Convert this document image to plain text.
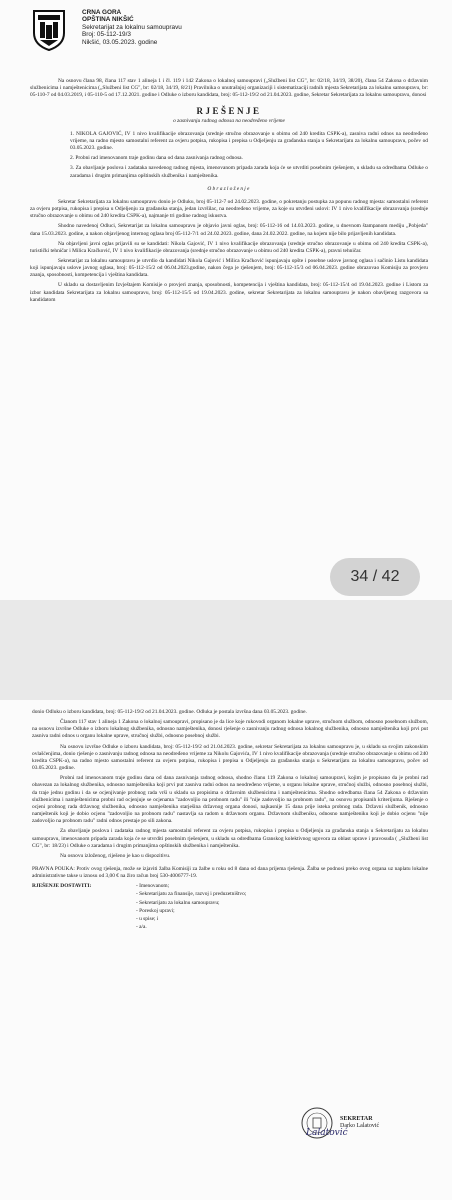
CRNA GORA
OPŠTINA NIKŠIĆ
Sekretarijat za lokalnu samoupravu
Broj: 05-112-19/3
Nikšić, 03.05.2023. godine

Na osnovu člana 98, člana 117 stav 1 alineja 1 i čl. 119 i 142 Zakona o lokalnoj samoupravi („Službeni list CG", br: 02/18, 34/19, 38/20), člana 54 Zakona o državnim službenicima i namještenicima („Službeni list CG", br: 02/18, 34/19, 8/21) Pravilnika o unutrašnjoj organizaciji i sistematizaciji radnih mjesta Sekretarijata za lokalnu samoupravu, br: 05-110-7 od 04.03.2019, i 05-110-5 od 17.12.2021. godine i Odluke o izboru kandidata, broj: 05-112-19/2 od 21.04.2023. godine, Sekretar Sekretarijata za lokalnu samoupravu, donosi

RJEŠENJE
o zasnivanju radnog odnosa na neodređeno vrijeme

1. NIKOLA GAJOVIĆ, IV 1 nivo kvalifikacije obrazovanja (srednje stručno obrazovanje u obimu od 240 kredita CSPK-a), zasniva radni odnos na neodređeno vrijeme, na radno mjesto samostalni referent za ovjeru potpisa, rukopisa i prepisa u Odjeljenju za građanska stanja u Sekretarijatu za lokalnu samoupravu, počev od 03.05.2023. godine.

2. Probni rad imenovanom traje godinu dana od dana zasnivanja radnog odnosa.

3. Za obavljanje poslova i zadataka navedenog radnog mjesta, imenovanom pripada zarada koja će se utvrditi posebnim rješenjem, u skladu sa odredbama Odluke o zaradama i drugim primanjima opštinskih službenika i namještenika.

Obrazloženje

Sekretar Sekretarijata za lokalnu samoupravu donio je Odluku, broj 05-112-7 od 24.02.2023. godine, o pokretanju postupka za popunu radnog mjesta: samostalni referent za ovjeru potpisa, rukopisa i prepisa u Odjeljenju za građanska stanja, jedan izvršilac, na neodređeno vrijeme, za koje su utvrđeni uslovi: IV 1 nivo kvalifikacije obrazovanja (srednje stručno obrazovanje u obimu od 240 kredita CSPK-a), najmanje tri godine radnog iskustva.

Shodno navedenoj Odluci, Sekretarijat za lokalnu samoupravu je objavio javni oglas, broj: 05-112-16 od 14.03.2023. godine, u dnevnom štampanom mediju „Pobjeda" dana 15.03.2023. godine, a nakon objavljenog internog oglasa broj 05-112-7/1 od 24.02.2023. godine, dana 24.02.2022. godine, na kojem nije bilo prijavljenih kandidata.

Na objavljeni javni oglas prijavili su se kandidati: Nikola Gajović, IV 1 nivo kvalifikacije obrazovanja (srednje stručno obrazovanje u obimu od 240 kredita CSPK-a), turistički tehničar i Milica Kračković, IV 1 nivo kvalifikacije obrazovanja (srednje stručno obrazovanje u obimu od 240 kredita CSPK-a), pravni tehničar.

Sekretarijat za lokalnu samoupravu je utvrdio da kandidati Nikola Gajović i Milica Kračković ispunjavaju opšte i posebne uslove javnog oglasa i sačinio Listu kandidata koji ispunjavaju uslove javnog oglasa, broj: 05-112-15/2 od 06.04.2023.godine, nakon čega je rješenjem, broj: 05-112-15/3 od 06.04.2023. godine obrazovao Komisiju za provjeru znanja, sposobnosti, kompetencija i vještina kandidata.

U skladu sa dostavljenim Izvještajem Komisije o provjeri znanja, sposobnosti, kompetencija i vještina kandidata, broj: 05-112-15/4 od 19.04.2023. godine i Listom za izbor kandidata Sekretarijata za lokalnu samoupravu, broj: 05-112-15/5 od 19.04.2023. godine, sekretar Sekretarijata za lokalnu samoupravu je nakon obavljenog razgovora sa kandidatom

donio Odluku o izboru kandidata, broj: 05-112-19/2 od 21.04.2023. godine. Odluka je postala izvršna dana 03.05.2023. godine.

Članom 117 stav 1 alineja 1 Zakona o lokalnoj samoupravi, propisano je da lice koje rukovodi organom lokalne uprave, stručnom službom, odnosno posebnom službom, na osnovu izvršne Odluke o izboru lokalnog službenika, odnosno namještenika, donosi rješenje o zasnivanju radnog odnosa lokalnog službenika, odnosno namještenika koji prvi put zasniva radni odnos u organu lokalne uprave, stručnoj službi, odnosno posebnoj službi.

Na osnovu izvršne Odluke o izboru kandidata, broj: 05-112-19/2 od 21.04.2023. godine, sekretar Sekretarijata za lokalnu samoupravu je, u skladu sa svojim zakonskim ovlašćenjima, donio rješenje o zasnivanju radnog odnosa na neodređeno vrijeme za Nikolu Gajovića, IV 1 nivo kvalifikacije obrazovanja (srednje stručno obrazovanje u obimu od 240 kredita CSPK-a), na radno mjesto samostalni referent za ovjeru potpisa, rukopisa i prepisa u Odjeljenju za građanska stanja u Sekretarijatu za lokalnu samoupravu, počev od 03.05.2023. godine.

Probni rad imenovanom traje godinu dana od dana zasnivanja radnog odnosa, shodno članu 119 Zakona o lokalnoj samoupravi, kojim je propisano da je probni rad obavezan za lokalnog službenika, odnosno namještenika koji prvi put zasniva radni odnos na neodređeno vrijeme, u organu lokalne uprave, stručnoj službi, odnosno posebnoj službi, da traje jednu godinu i da se ocjenjivanje probnog rada vrši u skladu sa propisima o državnim službenicima i namještenicima. Shodno odredbama člana 54 Zakona o državnim službenicima i namještenicima probni rad ocjenjuje se ocjenama "zadovoljio na probnom radu" ili "nije zadovoljio na probnom radu", na osnovu propisanih kriterijuma. Rješenje o ocjeni probnog rada državnog službenika, odnosno namještenika starješina državnog organa donosi, najkasnije 15 dana prije isteka probnog rada. Državni službenik, odnosno namještenik koji je dobio ocjenu "zadovoljio na probnom radu" nastavlja sa radom u državnom organu. Državnom službeniku, odnosno namješteniku koji je dobio ocjenu "nije zadovoljio na probnom radu" radni odnos prestaje po sili zakona.

Za obavljanje poslova i zadataka radnog mjesta samostalni referent za ovjeru potpisa, rukopisa i prepisa u Odjeljenju za građanska stanja u Sekretarijatu za lokalnu samoupravu, imenovanom pripada zarada koja će se utvrditi posebnim rješenjem, u skladu sa odredbama Granskog kolektivnog ugovora za oblast uprave i pravosuđa ( „Službeni list CG", br: 18/23) i Odluke o zaradama i drugim primanjima opštinskih službenika i namještenika.

Na osnovu izloženog, riješeno je kao u dispozitivu.

PRAVNA POUKA: Protiv ovog rješenja, može se izjaviti žalba Komisiji za žalbe u roku od 8 dana od dana prijema rješenja. Žalba se podnosi preko ovog organa uz naplatu lokalne administrativne takse u iznosu od 3,00 € na žiro račun broj 530-4006777-19.

RJEŠENJE DOSTAVITI:	- Imenovanom;
- Sekretarijatu za finansije, razvoj i preduzetništvo;
- Sekretarijatu za lokalnu samoupravu;
- Poreskoj upravi;
- u spise; i
- a/a.
SEKRETAR
Darko Lalatović
Lalatović
34 / 42
